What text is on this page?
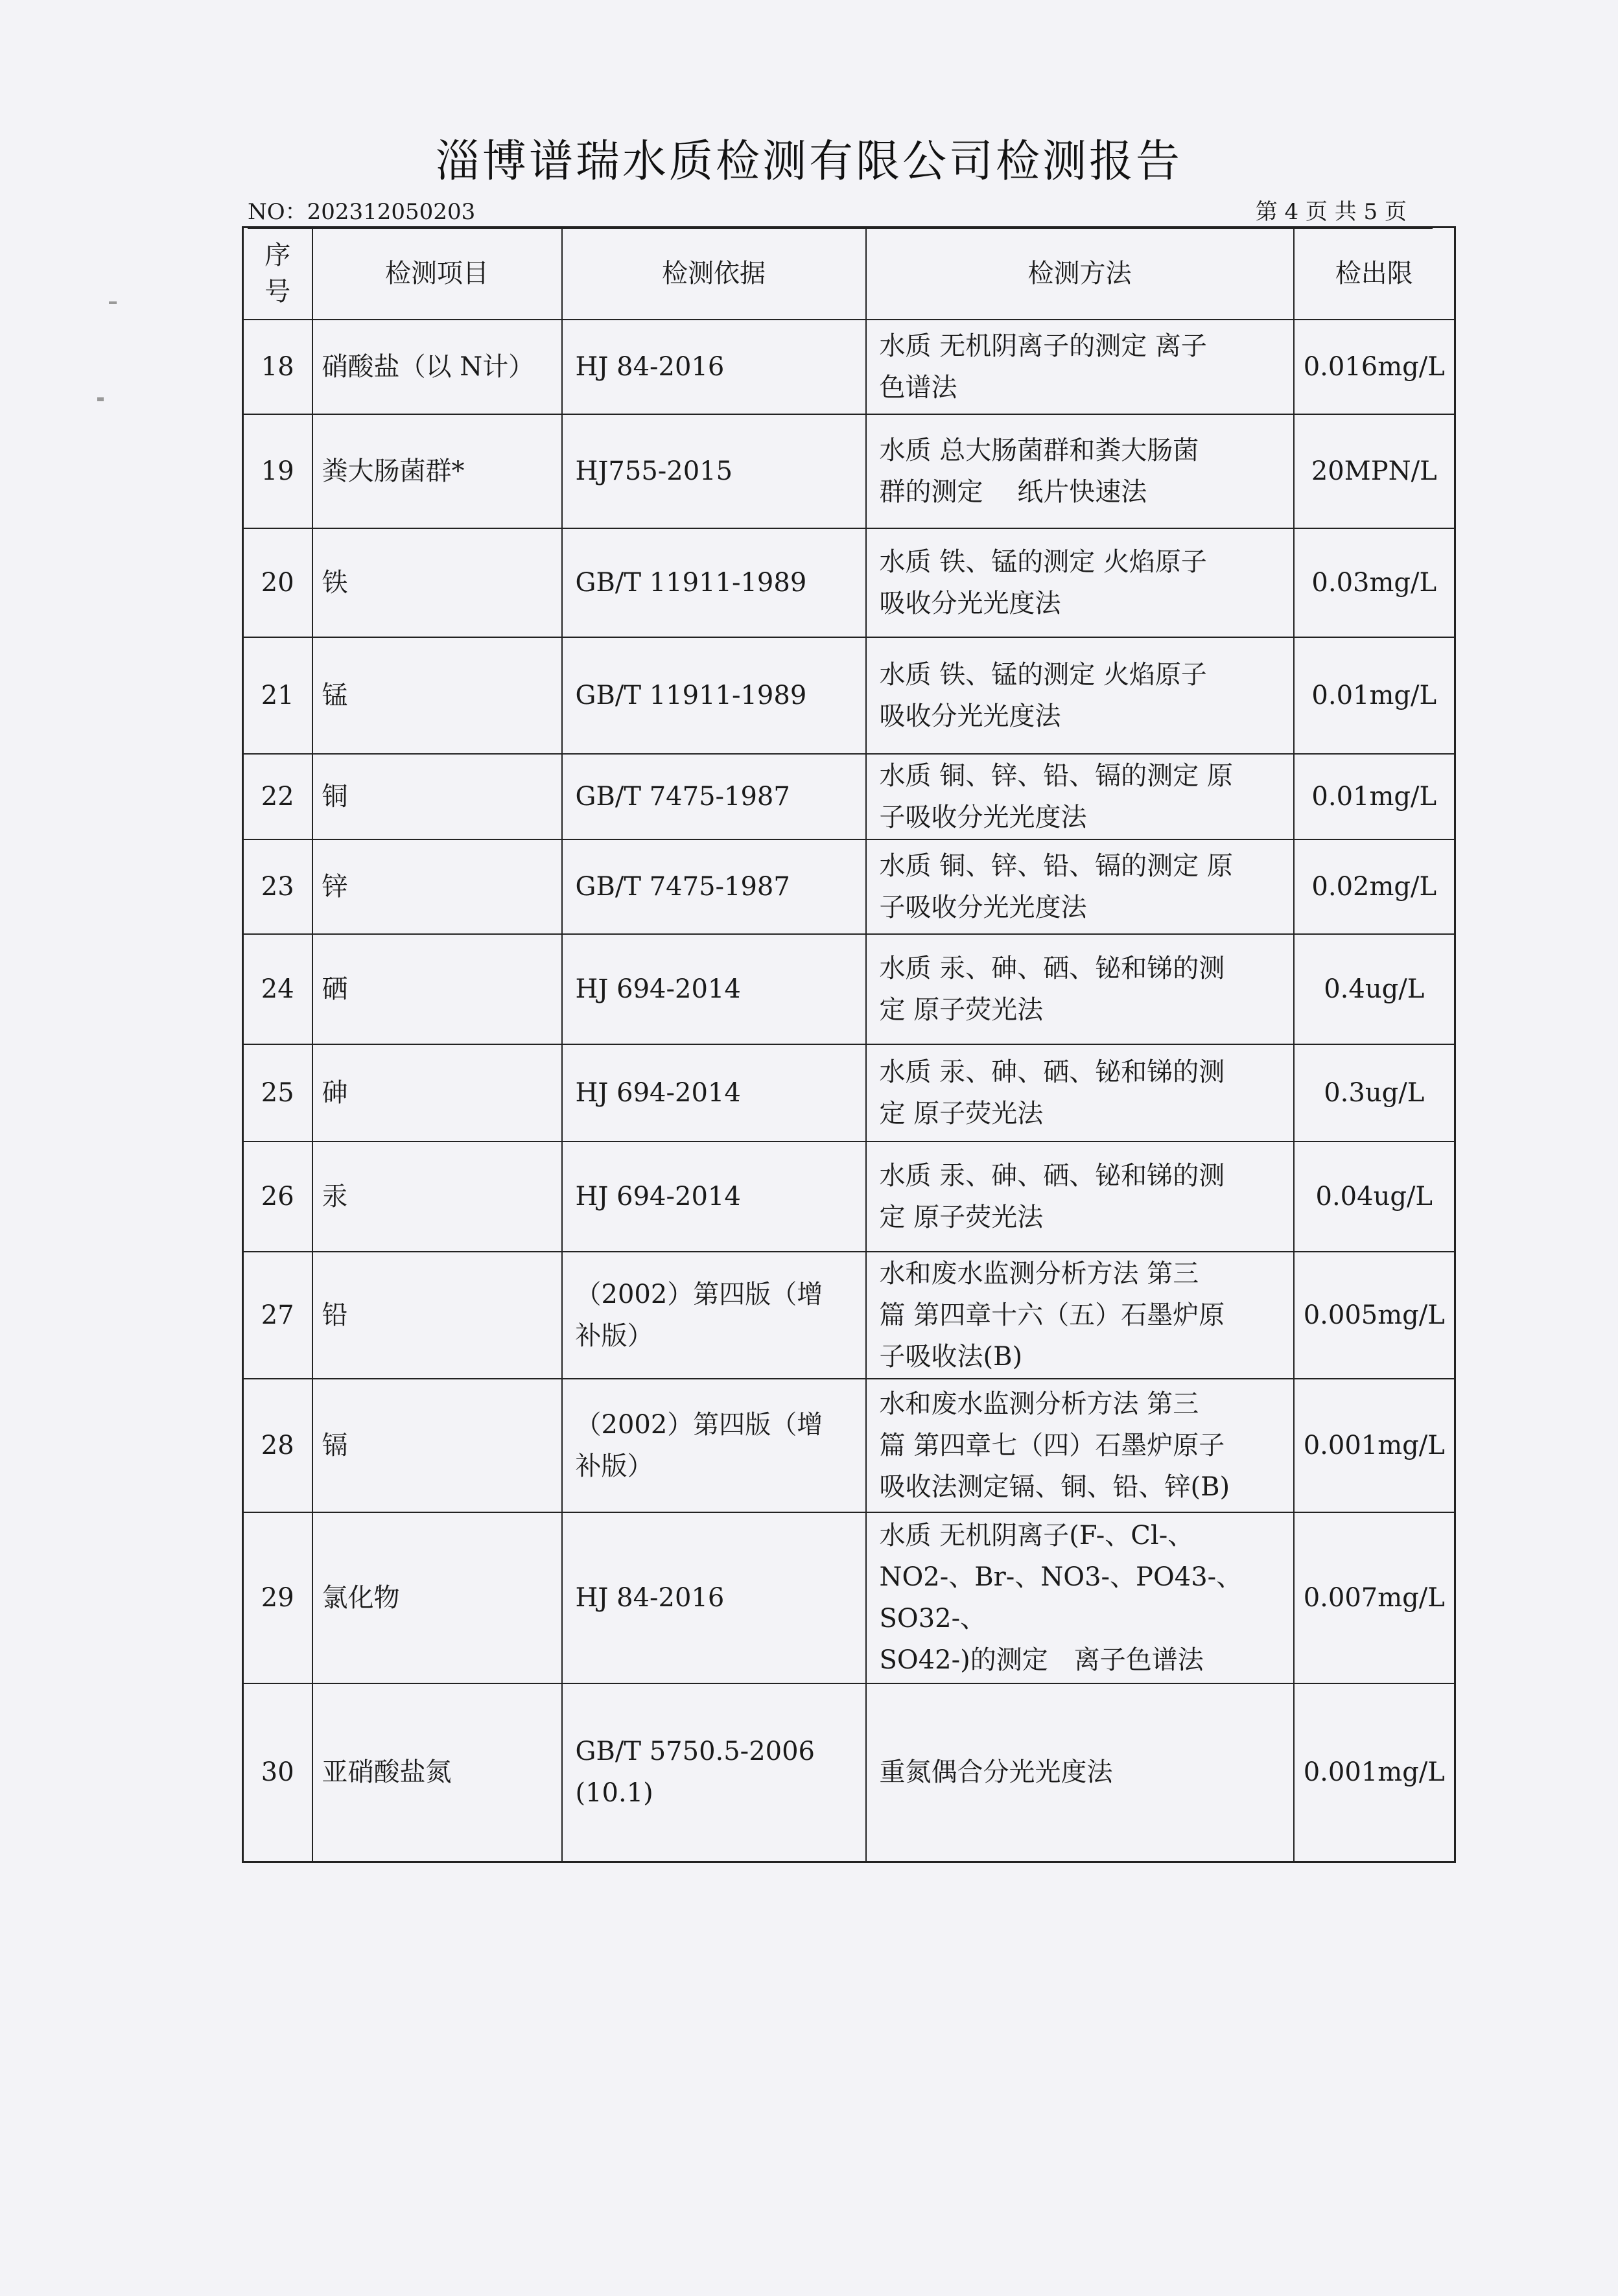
淄博谱瑞水质检测有限公司检测报告
NO：202312050203	第 4 页 共 5 页
序号	检测项目	检测依据	检测方法	检出限
18	硝酸盐（以 N计）	HJ 84-2016	水质 无机阴离子的测定 离子
色谱法	0.016mg/L
19	粪大肠菌群*	HJ755-2015	水质 总大肠菌群和粪大肠菌
群的测定　 纸片快速法	20MPN/L
20	铁	GB/T 11911-1989	水质 铁、锰的测定 火焰原子
吸收分光光度法	0.03mg/L
21	锰	GB/T 11911-1989	水质 铁、锰的测定 火焰原子
吸收分光光度法	0.01mg/L
22	铜	GB/T 7475-1987	水质 铜、锌、铅、镉的测定 原
子吸收分光光度法	0.01mg/L
23	锌	GB/T 7475-1987	水质 铜、锌、铅、镉的测定 原
子吸收分光光度法	0.02mg/L
24	硒	HJ 694-2014	水质 汞、砷、硒、铋和锑的测
定 原子荧光法	0.4ug/L
25	砷	HJ 694-2014	水质 汞、砷、硒、铋和锑的测
定 原子荧光法	0.3ug/L
26	汞	HJ 694-2014	水质 汞、砷、硒、铋和锑的测
定 原子荧光法	0.04ug/L
27	铅	（2002）第四版（增
补版）	水和废水监测分析方法 第三
篇 第四章十六（五）石墨炉原
子吸收法(B)	0.005mg/L
28	镉	（2002）第四版（增
补版）	水和废水监测分析方法 第三
篇 第四章七（四）石墨炉原子
吸收法测定镉、铜、铅、锌(B)	0.001mg/L
29	氯化物	HJ 84-2016	水质 无机阴离子(F-、Cl-、
NO2-、Br-、NO3-、PO43-、SO32-、
SO42-)的测定　离子色谱法	0.007mg/L
30	亚硝酸盐氮	GB/T 5750.5-2006
(10.1)	重氮偶合分光光度法	0.001mg/L
